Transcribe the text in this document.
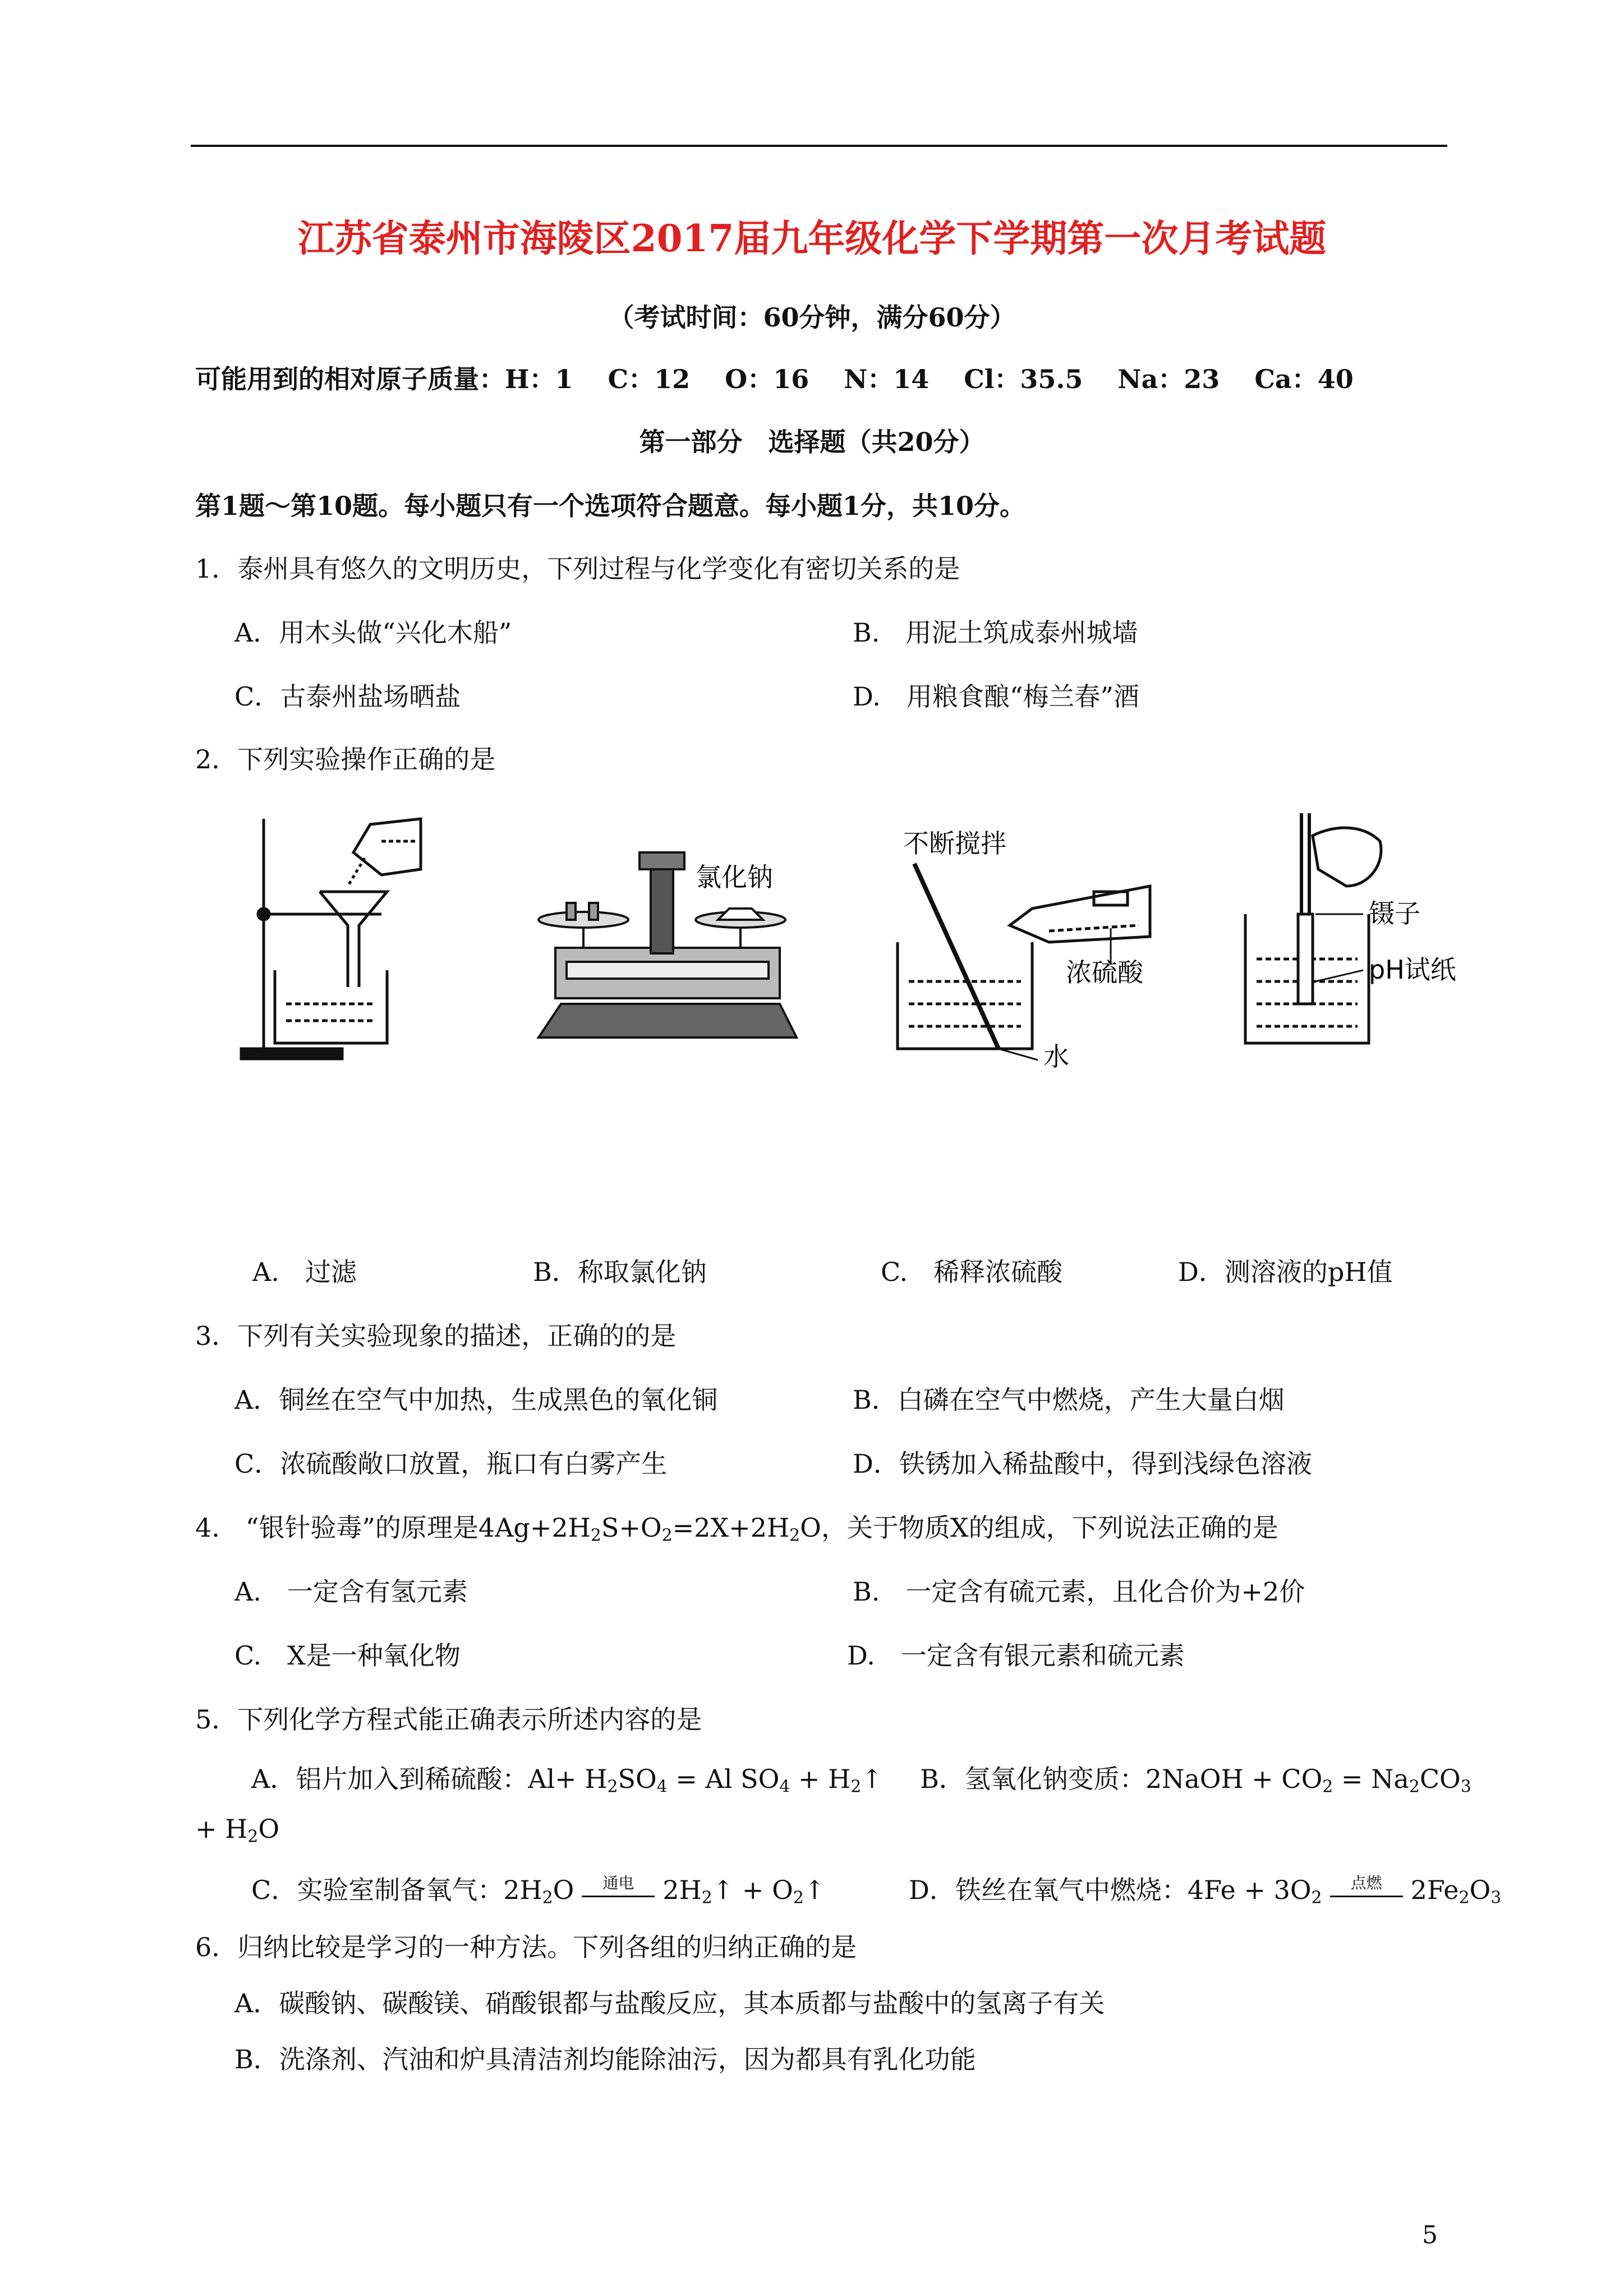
江苏省泰州市海陵区2017届九年级化学下学期第一次月考试题
（考试时间：60分钟，满分60分）
可能用到的相对原子质量：H：1　 C：12　 O：16　 N：14　 Cl：35.5　 Na：23　 Ca：40
第一部分　选择题（共20分）
第1题～第10题。每小题只有一个选项符合题意。每小题1分，共10分。
1．泰州具有悠久的文明历史，下列过程与化学变化有密切关系的是
A．用木头做“兴化木船”	B.　用泥土筑成泰州城墙
C．古泰州盐场晒盐	D.　用粮食酿“梅兰春”酒
2．下列实验操作正确的是
氯化钠
不断搅拌
浓硫酸
水
镊子
pH试纸
A.　过滤	B．称取氯化钠	C.　稀释浓硫酸	D．测溶液的pH值
3．下列有关实验现象的描述，正确的的是
A．铜丝在空气中加热，生成黑色的氧化铜	B．白磷在空气中燃烧，产生大量白烟
C．浓硫酸敞口放置，瓶口有白雾产生	D．铁锈加入稀盐酸中，得到浅绿色溶液
4.　“银针验毒”的原理是$4Ag+2H_2S+O_2=2X+2H_2O$，关于物质X的组成，下列说法正确的是
A.　一定含有氢元素	B.　一定含有硫元素，且化合价为+2价
C.　X是一种氧化物	D.　一定含有银元素和硫元素
5．下列化学方程式能正确表示所述内容的是
A．铝片加入到稀硫酸：$Al+ H_2SO_4 = Al$ $SO_4$ + $H_2↑$ B．氢氧化钠变质：2NaOH + $CO_2 = Na_2CO_3$
+ $H_2O$
C．实验室制备氧气：$2H_2O$	通电	$2H_2↑$ + $O_2↑$	D．铁丝在氧气中燃烧：$4Fe + 3O_2$
点燃	$2Fe_2O_3$
6．归纳比较是学习的一种方法。下列各组的归纳正确的是
A．碳酸钠、碳酸镁、硝酸银都与盐酸反应，其本质都与盐酸中的氢离子有关
B．洗涤剂、汽油和炉具清洁剂均能除油污，因为都具有乳化功能
5
